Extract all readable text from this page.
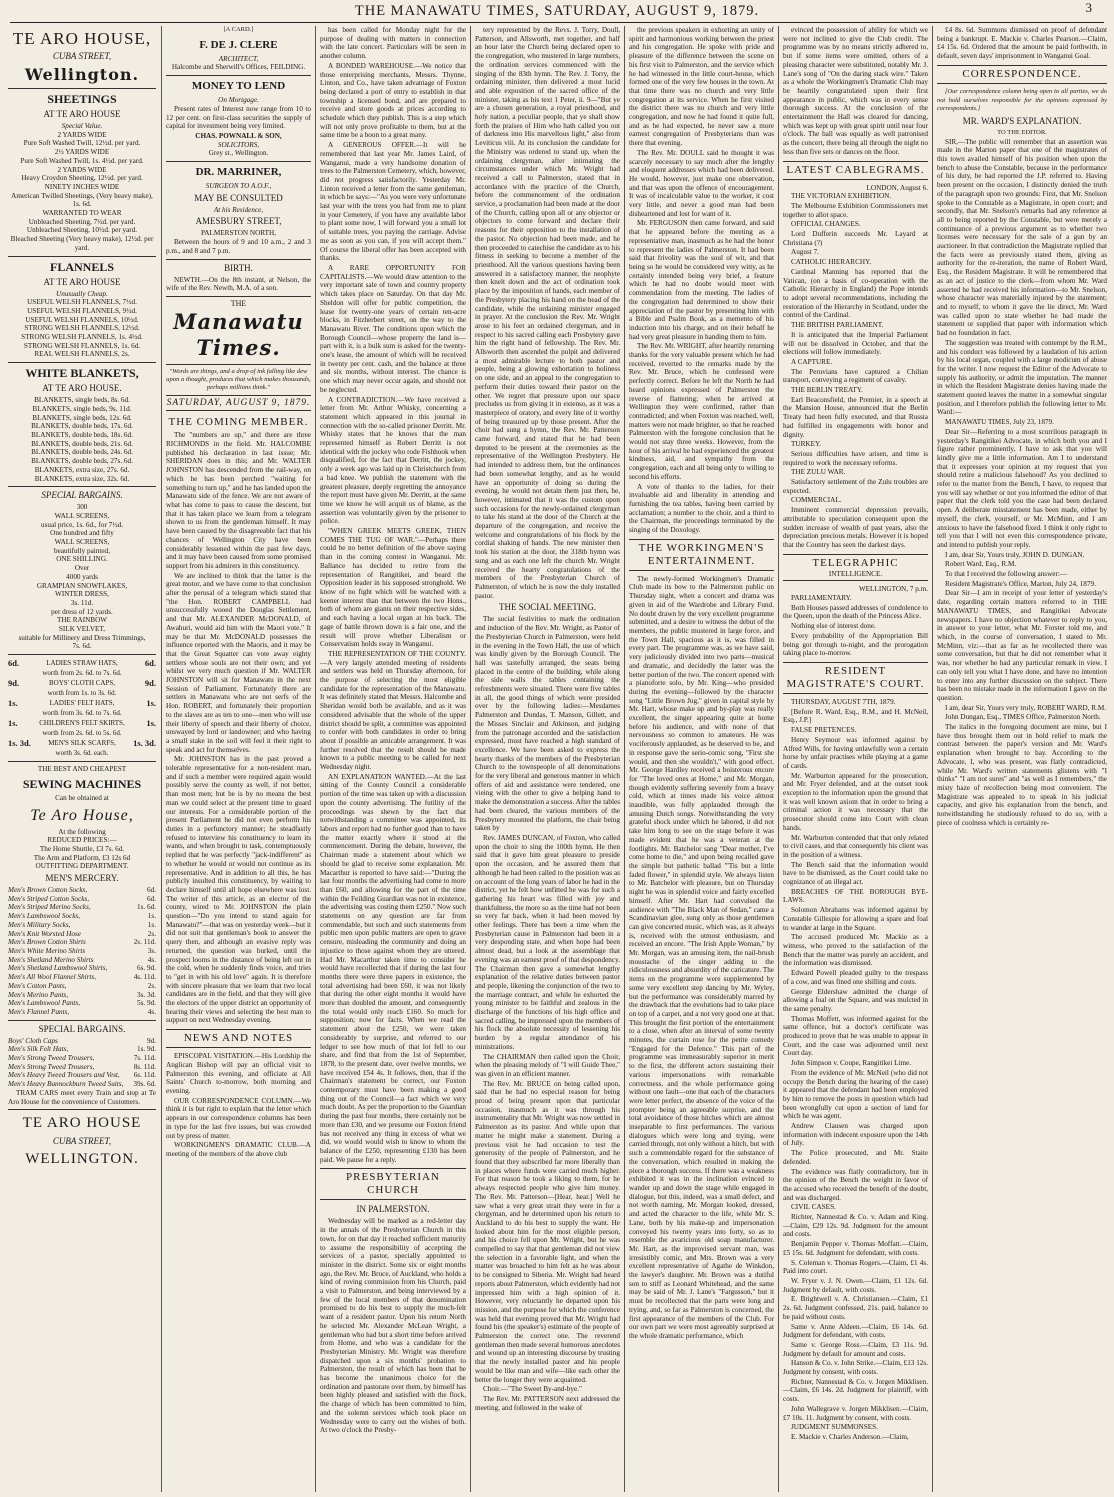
THE MANAWATU TIMES, SATURDAY, AUGUST 9, 1879.	3
TE ARO HOUSE,
CUBA STREET,
Wellington.
SHEETINGS
AT TE ARO HOUSE
Special Value.
2 YARDS WIDE
Pure Soft Washed Twill, 12½d. per yard.
2½ YARDS WIDE
Pure Soft Washed Twill, 1s. 4½d. per yard.
2 YARDS WIDE
Heavy Croydon Sheeting, 12½d. per yard.
NINETY INCHES WIDE
American Twilled Sheetings, (Very heavy make), 1s. 6d.
WARRANTED TO WEAR
Unbleached Sheeting, 7½d. per yard.
Unbleached Sheeting, 10½d. per yard.
Bleached Sheeting (Very heavy make), 12½d. per yard.
FLANNELS
AT TE ARO HOUSE
Unusually Cheap.
USEFUL WELSH FLANNELS, 7½d.
USEFUL WELSH FLANNELS, 9½d.
USEFUL WELSH FLANNELS, 10½d.
STRONG WELSH FLANNELS, 12½d.
STRONG WELSH FLANNELS, 1s. 4½d.
STRONG WELSH FLANNELS, 1s. 6d.
REAL WELSH FLANNELS, 2s.
WHITE BLANKETS,
AT TE ARO HOUSE.
BLANKETS, single beds, 8s. 6d.
BLANKETS, single beds, 9s. 11d.
BLANKETS, single beds, 12s. 6d.
BLANKETS, double beds, 17s. 6d.
BLANKETS, double beds, 18s. 6d.
BLANKETS, double beds, 21s. 6d.
BLANKETS, double beds, 24s. 6d.
BLANKETS, double beds, 27s. 6d.
BLANKETS, extra size, 27s. 6d.
BLANKETS, extra size, 32s. 6d.
SPECIAL BARGAINS.
300
WALL SCREENS,
usual price, 1s. 6d., for 7½d.
One hundred and fifty
WALL SCREENS,
beautifully painted,
ONE SHILLING.
Over
4000 yards
GRAMPIAN SNOWFLAKES,
WINTER DRESS,
3s. 11d.
per dress of 12 yards.
THE RAINBOW
SILK VELVET,
suitable for Millinery and Dress Trimmings,
7s. 6d.
6d.	LADIES STRAW HATS,	6d.
worth from 2s. 6d. to 7s. 6d.
9d.	BOYS' CLOTH CAPS,	9d.
worth from 1s. to 3s. 6d.
1s.	LADIES' FELT HATS,	1s.
worth from 3s. 6d. to 7s. 6d.
1s.	CHILDREN'S FELT SKIRTS,	1s.
worth from 2s. 6d. to 5s. 6d.
1s. 3d.	MEN'S SILK SCARFS,	1s. 3d.
worth 3s. 6d. each.
THE BEST AND CHEAPEST
SEWING MACHINES
Can be obtained at
Te Aro House,
At the following
REDUCED PRICES:—
The Home Shuttle, £3 7s. 6d.
The Arm and Platform, £3 12s 6d
OUTFITTING DEPARTMENT.
MEN'S MERCERY.
Men's Brown Cotton Socks,	6d.
Men's Striped Cotton Socks,	6d.
Men's Striped Merino Socks,	1s. 6d.
Men's Lambswool Socks,	1s.
Men's Military Socks,	1s.
Men's Knit Worsted Hose	2s.
Men's Brown Cotton Shirts	2s. 11d.
Men's White Merino Shirts	3s.
Men's Shetland Merino Shirts	4s.
Men's Shetland Lambswool Shirts,	6s. 9d.
Men's All Wool Flannel Shirts,	4s. 11d.
Men's Cotton Pants,	2s.
Men's Merino Pants,	3s. 3d.
Men's Lambswool Pants,	5s. 9d.
Men's Flannel Pants,	4s.
SPECIAL BARGAINS.
Boys' Cloth Caps	9d.
Men's Silk Felt Hats,	1s. 9d.
Men's Strong Tweed Trousers,	7s. 11d.
Men's Strong Tweed Trousers,	8s. 11d.
Men's Heavy Tweed Trousers and Vest, 6s. 11d.
Men's Heavy Bannockburn Tweed Suits, 39s. 6d.

TRAM CARS meet every Train and stop at Te Aro House for the convenience of Customers.

TE ARO HOUSE
CUBA STREET,
WELLINGTON.
[A CARD.]
F. DE J. CLERE
ARCHITECT,
Halcombe and Sherwill's Offices, FEILDING.
MONEY TO LEND
On Mortgage.

Present rates of Interest now range from 10 to 12 per cent. on first-class securities the supply of capital for investment being very limited.

CHAS. POWNALL & SON,
SOLICITORS,
Grey st., Wellington.
DR. MARRINER,
SURGEON TO A.O.F.,
MAY BE CONSULTED
At his Residence,
AMESBURY STREET,
PALMERSTON NORTH,

Between the hours of 9 and 10 a.m., 2 and 3 p.m., and 8 and 7 p.m.

BIRTH.

NEWTH.—On the 8th instant, at Nelson, the wife of the Rev. Newth, M.A. of a son.

THE
Manawatu Times.
"Words are things, and a drop of ink falling like dew upon a thought, produces that which makes thousands, perhaps millions think."
SATURDAY, AUGUST 9, 1879.
THE COMING MEMBER.

The "numbers are up," and there are three RICHMONDS in the field. Mr. HALCOMBE published his declaration in last issue; Mr. SHERIDAN does in this; and Mr. WALTER JOHNSTON has descended from the rail-way, on which he has been perched "waiting for something to turn up," and he has landed upon the Manawatu side of the fence. We are not aware of what has come to pass to cause the descent, but that it has taken place we learn from a telegram shown to us from the gentleman himself. It may have been caused by the disagreeable fact that his chances of Wellington City have been considerably lessened within the past few days, and it may have been caused from some promised support from his admirers in this constituency.

We are inclined to think that the latter is the great motor, and we have come to that conclusion after the perusal of a telegram which stated that "the Hon. ROBERT CAMPBELL had unsuccessfully wooed the Douglas Settlement, and that Mr. ALEXANDER McDONALD, of Awahuri, would aid him with the Maori vote." It may be that Mr. McDONALD possesses the influence reported with the Maoris, and it may be that the Great Squatter can vote away eighty settlers whose souls are not their own; and yet whilst we very much question if Mr. WALTER JOHNSTON will sit for Manawatu in the next Session of Parliament. Fortunately there are settlers in Manawatu who are not serfs of the Hon. ROBERT, and fortunately their proportion to the slaves are as ten to one—men who will use their liberty of speech and their liberty of choice, unswayed by lord or landowner; and who having a small stake in the soil will feel it their right to speak and act for themselves.

Mr. JOHNSTON has in the past proved a tolerable representative for a non-resident man, and if such a member were required again would possibly serve the county as well, if not better, than most men; but he is by no means the best man we could select at the present time to guard our interests. For a considerable portion of the present Parliament he did not even perform his duties in a perfunctory manner; he steadfastly refused to interview his constituency to learn its wants, and when brought to task, contemptuously replied that he was perfectly "jack-indifferent" as to whether he would or would not continue as its representative. And in addition to all this, he has publicly insulted this constituency, by waiting to declare himself until all hope elsewhere was lost. The writer of this article, as an elector of the county, wired to Mr. JOHNSTON the plain question—"Do you intend to stand again for Manawatu?"—that was on yesterday week—but it did not suit that gentleman's book to answer the query then, and although an evasive reply was returned, the question was burked, until the prospect looms in the distance of being left out in the cold, when he suddenly finds voice, and tries to "get in with his old love" again. It is therefore with sincere pleasure that we learn that two local candidates are in the field, and that they will give the electors of the upper district an opportunity of hearing their views and selecting the best man to support on next Wednesday evening.

NEWS AND NOTES

EPISCOPAL VISITATION.—His Lordship the Anglican Bishop will pay an official visit to Palmerston this evening, and officiate at All Saints' Church to-morrow, both morning and evening.

OUR CORRESPONDENCE COLUMN.—We think it is but right to explain that the letter which appears in our correspondence columns has been in type for the last five issues, but was crowded out by press of matter.

WORKINGMEN'S DRAMATIC CLUB.—A meeting of the members of the above club

has been called for Monday night for the purpose of dealing with matters in connection with the late concert. Particulars will be seen in another column.

A BONDED WAREHOUSE.—We notice that those enterprising merchants, Messrs. Thynne, Linton, and Co., have taken advantage of Foxton being declared a port of entry to establish in that township a licensed bond, and are prepared to receive and store goods at prices according to schedule which they publish. This is a step which will not only prove profitable to them, but at the same time be a boon to a great many.

A GENEROUS OFFER.—It will be remembered that last year Mr. James Laird, of Wanganui, made a very handsome donation of trees to the Palmerston Cemetery, which, however, did not progress satisfactorily. Yesterday Mr. Linton received a letter from the same gentleman, in which he says:—"As you were very unfortunate last year with the trees you had from me to plant in your Cemetery, if you have any available labor to plant some now, I will forward you a small lot of suitable trees, you paying the carriage. Advise me as soon as you can, if you will accept them." Of course the liberal offer has been accepted with thanks.

A RARE OPPORTUNITY FOR CAPITALISTS.—We would draw attention to the very important sale of town and country property which takes place on Saturday. On that day Mr. Sheldon will offer for public competition, the lease for twenty-one years of certain ten-acre blocks, in Fitzherbert street, on the way to the Manawatu River. The conditions upon which the Borough Council—whose property the land is—part with it, is a bulk sum is asked for the twenty-one's lease, the amount of which will be received in twenty per cent. cash, and the balance at three and six months, without interest. The chance is one which may never occur again, and should not be neglected.

A CONTRADICTION.—We have received a letter from Mr. Arthur Whisky, concerning a statement which appeared in this journal in connection with the so-called prisoner Derritt. Mr. Whisky states that he knows that the man represented himself as Robert Derritt is not identical with the jockey who rode Fishhook when disqualified, for the fact that Derritt, the jockey, only a week ago was laid up in Christchurch from a bad knee. We publish the statement with the greatest pleasure, deeply regretting the annoyance the report must have given Mr. Derritt, at the same time we know he will acquit us of blame, as the assertion was voluntarily given by the prisoner to police.

"WHEN GREEK MEETS GREEK, THEN COMES THE TUG OF WAR."—Perhaps there could be no better definition of the above saying than in the coming contest in Wanganui. Mr. Ballance has decided to retire from the representation of Rangitikei, and beard the Opposition leader in his supposed stronghold. We know of no fight which will be watched with a keener interest than that between the two Hons., both of whom are giants on their respective sides, and each having a local organ at his back. The gage of battle thrown down is a fair one, and the result will prove whether Liberalism or Conservatism holds sway in Wanganui.

THE REPRESENTATION OF THE COUNTY.—A very largely attended meeting of residents and settlers was held on Thursday afternoon, for the purpose of selecting the most eligible candidate for the representation of the Manawatu. It was definitely stated that Messrs. Halcombe and Sheridan would both be available, and as it was considered advisable that the whole of the upper district should be split, a committee was appointed to confer with both candidates in order to bring about if possible an amicable arrangement. It was further resolved that the result should be made known to a public meeting to be called for next Wednesday night.

AN EXPLANATION WANTED.—At the last sitting of the County Council a considerable portion of the time was taken up with a discussion upon the county advertising. The futility of the proceedings was shewn by the fact that notwithstanding a committee was appointed, its labors and report had no further good than to have the matter exactly where it stood at the commencement. During the debate, however, the Chairman made a statement about which we should be glad to receive some explanation. Mr. Macarthur is reported to have said:—"During the last four months the advertising had come to more than £60, and allowing for the part of the time within the Feilding Guardian was not in existence, the advertising was costing them £250." Now such statements on any question are far from commendable, but such and such statements from public men upon public matters are open to grave censure, misleading the community and doing an injustice to those against whom they are uttered. Had Mr. Macarthur taken time to consider he would have recollected that if during the last four months there were three papers in existence, the total advertising had been £60, it was not likely that during the other eight months it would have more than doubled the amount, and consequently the total would only reach £160. So much for supposition; now for facts. When we read the statement about the £250, we were taken considerably by surprise, and referred to our ledger to see how much of that lot fell to our share, and find that from the 1st of September, 1878, to the present date, over twelve months, we have received £54 4s. It follows, then, that if the Chairman's statement be correct, our Foxton contemporary must have been making a good thing out of the Council—a fact which we very much doubt. As per the proportion to the Guardian during the past four months, there certainly not be more than £30, and we presume our Foxton friend has not received any thing in excess of what we did, we would would wish to know to whom the balance of the £250, representing £130 has been paid. We pause for a reply.

PRESBYTERIAN CHURCH
IN PALMERSTON.

Wednesday will be marked as a red-letter day in the annals of the Presbyterian Church in this town, for on that day it reached sufficient maturity to assume the responsibility of accepting the services of a pastor, specially appointed to minister in the district. Some six or eight months ago, the Rev. Mr. Bruce, of Auckland, who holds a kind of roving commission from his Church, paid a visit to Palmerston, and being interviewed by a few of the local members of that denomination promised to do his best to supply the much-felt want of a resident pastor. Upon his return North he selected Mr. Alexander McLean Wright, a gentleman who had but a short time before arrived from Home, and who was a candidate for the Presbyterian Ministry. Mr. Wright was therefore dispatched upon a six months' probation to Palmerston, the result of which has been that he has become the unanimous choice for the ordination and pastorate over them, by himself has been highly pleased and satisfied with the flock, the charge of which has been committed to him, and the solemn services which took place on Wednesday were to carry out the wishes of both. At two o'clock the Presby-

tery represented by the Revs. J. Torry, Doull, Patterson, and Allsworth, met together, and half an hour later the Church being declared open to the congregation, who mustered in large numbers, the ordination services commenced with the singing of the 83th hymn. The Rev. J. Torry, the ordaining minister, then delivered a most lucid and able exposition of the sacred office of the minister, taking as his text 1 Peter, ii. 9—"But ye are a chosen generation, a royal priesthood, and holy nation, a peculiar people, that ye shall show forth the praises of Him who hath called you out of darkness into His marvellous light," also from Leviticus viii. At its conclusion the candidate for the Ministry was ordered to stand up, when the ordaining clergyman, after intimating the circumstances under which Mr. Wright had received a call to Palmerston, stated that in accordance with the practice of the Church, before the commencement of the ordination service, a proclamation had been made at the door of the Church, calling upon all or any objector or objectors to come forward and declare their reasons for their opposition to the installation of the pastor. No objection had been made, and he then proceeded to catechise the candidate as to his fitness in seeking to become a member of the priesthood. All the various questions having been answered in a satisfactory manner, the neophyte then knelt down and the act of ordination took place by the imposition of hands, each member of the Presbytery placing his hand on the head of the candidate, while the ordaining minister engaged in prayer. At the conclusion the Rev. Mr. Wright arose to his feet an ordained clergyman, and in respect to his sacred calling each Presbytery gave him the right hand of fellowship. The Rev. Mr. Allsworth then ascended the pulpit and delivered a most admirable lecture to both pastor and people, being a glowing exhortation to holiness on one side, and an appeal to the congregation to perform their duties toward their pastor on the other. We regret that pressure upon our space precludes us from giving it in extenso, as it was a masterpiece of oratory, and every line of it worthy of being treasured up by those present. After the choir had sung a hymn, the Rev. Mr. Patterson came forward, and stated that he had been deputed to be present at the ceremonies as the representative of the Wellington Presbytery. He had intended to address them, but the ordinances had been somewhat lengthy, and as he would have an opportunity of doing so during the evening, he would not detain them just then, he, however, intimated that it was the custom upon such occasions for the newly-ordained clergyman to take his stand at the door of the Church at the departure of the congregation, and receive the welcome and congratulations of his flock by the cordial shaking of hands. The new minister then took his station at the door, the 318th hymn was sung and as each one left the church Mr. Wright received the hearty congratulations of the members of the Presbyterian Church of Palmerston, of which he is now the duly installed pastor.

THE SOCIAL MEETING.

The social festivities to mark the ordination and induction of the Rev. Mr. Wright, as Pastor of the Presbyterian Church in Palmerston, were held in the evening in the Town Hall, the use of which was kindly given by the Borough Council. The hall was tastefully arranged, the seats being placed in the centre of the building, while along the side walls the tables containing the refreshments were situated. There were five tables in all, the good things of which were presided over by the following ladies:—Mesdames Palmerston and Dundas, T. Manson, Gillett, and the Misses Sinclair and Atkinson, and judging from the patronage accorded and the satisfaction expressed, must have reached a high standard of excellence. We have been asked to express the hearty thanks of the members of the Presbyterian Church to the townspeople of all denominations for the very liberal and generous manner in which offers of aid and assistance were tendered, one vieing with the other to give a helping hand to make the demonstration a success. After the tables had been cleared, the various members of the Presbytery mounted the platform, the chair being taken by

Rev. JAMES DUNCAN, of Foxton, who called upon the choir to sing the 100th hymn. He then said that it gave him great pleasure to preside upon the occasion, and he assured them that although he had been called to the position was as on account of the long years of labor he had in the district, yet he felt how unfitted he was for such a gathering his heart was filled with joy and thankfulness, the more so as the time had not been so very far back, when it had been moved by other feelings. There has been a time when the Presbyterian cause in Palmerston had been in a very desponding state, and when hope had been almost dead, but a look at the assemblage that evening was an earnest proof of that despondency. The Chairman then gave a somewhat lengthy explanation of the relative duties between pastor and people, likening the conjunction of the two to the marriage contract, and while he exhorted the young minister to be faithful and zealous in the discharge of the functions of his high office and sacred calling, he impressed upon the members of his flock the absolute necessity of lessening his burden by a regular attendance of his ministrations.

The CHAIRMAN then called upon the Choir, when the pleasing melody of "I will Guide Thee," was given in an efficient manner.

The Rev. Mr. BRUCE on being called upon, said that he had no especial reason for being proud of being present upon that particular occasion, inasmuch as it was through his instrumentality that Mr. Wright was now settled in Palmerston as its pastor. And while upon that matter he might make a statement. During a previous visit he had occasion to test the generosity of the people of Palmerston, and he found that they subscribed far more liberally than in places where funds were carried much higher. For that reason he took a liking to them, for he always respected people who give him money. The Rev. Mr. Patterson—[Hear, hear.] Well he saw what a very great strait they were in for a clergyman, and he determined upon his return to Auckland to do his best to supply the want. He looked about him for the most eligible person, and his choice fell upon Mr. Wright, but he was compelled to say that that gentleman did not view the selection in a favorable light, and when the matter was broached to him felt as he was about to be consigned to Siberia. Mr. Wright had heard reports about Palmerston, which evidently had not impressed him with a high opinion of it. However, very reluctantly he departed upon his mission, and the purpose for which the conference was held that evening proved that Mr. Wright had found his (the speaker's) estimate of the people of Palmerston the correct one. The reverend gentleman then made several humorous anecdotes and wound up an interesting discourse by trusting that the newly installed pastor and his people would be like man and wife—like each other the better the longer they were acquainted.

Choir.—"The Sweet By-and-bye."

The Rev. Mr. PATTERSON next addressed the meeting, and followed in the wake of

the previous speakers in exhorting an unity of spirit and harmonious working between the priest and his congregation. He spoke with pride and pleasure of the difference between the scene on his first visit to Palmerston, and the service which he had witnessed in the little court-house, which formed one of the very few houses in the town. At that time there was no church and very little congregation at its service. When he first visited the district there was no church and very little congregation, and now he had found it quite full, and as he had expected, he never saw a more earnest congregation of Presbyterians than was there that evening.

The Rev. Mr. DOULL said he thought it was scarcely necessary to say much after the lengthy and eloquent addresses which had been delivered. He would, however, just make one observation, and that was upon the offence of encouragement. It was of incalculable value to the worker, it cost very little, and never a good man had been disheartened and lost for want of it.

Mr. FERGUSON then came forward, and said that he appeared before the meeting as a representative man, inasmuch as he had the honor to represent the ladies of Palmerston. It had been said that frivolity was the soul of wit, and that being so he would be considered very witty, as he certainly intended being very brief, a feature which he had no doubt would meet with commendation from the meeting. The ladies of the congregation had determined to show their appreciation of the pastor by presenting him with a Bible and Psalm Book, as a memento of his induction into his charge, and on their behalf he had very great pleasure in handing them to him.

The Rev. Mr. WRIGHT, after heartily returning thanks for the very valuable present which he had received, reverted to the remarks made by the Rev. Mr. Bruce, which he confessed were perfectly correct. Before he left the North he had heard opinions expressed of Palmerston the reverse of flattering; when he arrived at Wellington they were confirmed, rather than contradicted; and when Foxton was reached, well, matters were not made brighter, so that he reached Palmerston with the foregone conclusion that he would not stay three weeks. However, from the hour of his arrival he had experienced the greatest kindness, aid, and sympathy from the congregation, each and all being only to willing to second his efforts.

A vote of thanks to the ladies, for their invaluable aid and liberality in attending and furnishing the tea tables, having been carried by acclamation; a number to the choir, and a third to the Chairman, the proceedings terminated by the singing of the Doxology.

THE WORKINGMEN'S ENTERTAINMENT.

The newly-formed Workingmen's Dramatic Club made its bow to the Palmerston public on Thursday night, when a concert and drama was given in aid of the Wardrobe and Library Fund. No doubt drawn by the very excellent programme submitted, and a desire to witness the debut of the members, the public mustered in large force, and the Town Hall, spacious as it is, was filled in every part. The programme was, as we have said, very judiciously divided into two parts—musical and dramatic, and decidedly the latter was the better portion of the two. The concert opened with a pianoforte solo, by Mr. King—who presided during the evening—followed by the character song "Little Brown Jug," given in capital style by Mr. Hart, whose make up and by-play was really excellent, the singer appearing quite at home before his audience, and with none of that nervousness so common to amateurs. He was vociferously applauded, as he deserved to be, and in response gave the serio-comic song, "First she would, and then she wouldn't," with good effect. Mr. George Hardley received a boisterous encore for "The loved ones at Home," and Mr. Morgan, though evidently suffering severely from a heavy cold, which at times made his voice almost inaudible, was fully applauded through the amusing Dutch songs. Notwithstanding the very grateful shock under which he labored, it did not take him long to see on the stage before it was made evident that he was a veteran at the footlights. Mr. Batchelor sang "Dear mother, I've come home to die," and upon being recalled gave the simple but pathetic ballad "'Tis but a little faded flower," in splendid style. We always listen to Mr. Batchelor with pleasure, but on Thursday night he was in splendid voice and fairly excelled himself. After Mr. Hart had convulsed the audience with "The Black Man of Sedan," came a Scandinavian glee, sung only as those gentlemen can give concerted music, which was, as it always is, received with the utmost enthusiasm, and received an encore. "The Irish Apple Woman," by Mr. Morgan, was an amusing item, the nail-brush moustache of the singer adding to the ridiculousness and absurdity of the caricature. The items on the programme were supplemented by some very excellent step dancing by Mr. Wyley, but the performance was considerably marred by the drawback that the evolutions had to take place on top of a carpet, and a not very good one at that. This brought the first portion of the entertainment to a close, when after an interval of some twenty minutes, the curtain rose for the petite comedy "Engaged for the Defence." This part of the programme was immeasurably superior in merit to the first, the different actors sustaining their various impersonations with remarkable correctness, and the whole performance going without one fault—one that each of the characters were letter perfect, the absence of the voice of the prompter being an agreeable surprise, and the total avoidance of those hitches which are almost inseparable to first performances. The various dialogues which were long and trying, were carried through, not only without a hitch, but with such a commendable regard for the substance of the conversation, which resulted in making the piece a thorough success. If there was a weakness exhibited it was in the inclination evinced to wander up and down the stage while engaged in dialogue, but this, indeed, was a small defect, and not worth naming. Mr. Morgan looked, dressed, and acted the character to the life, while Mr. S. Lane, both by his make-up and impersonation conveyed his twenty years into forty, so as to resemble the avaricious old soap manufacturer. Mr. Hart, as the improvised servant man, was irresistibly comic, and Mrs. Brown was a very excellent representative of Agathe de Winkdon, the lawyer's daughter. Mr. Brown was a dutiful son to stiff as Leonard Whitehead, and the same may be said of Mr. J. Lane's "Fargusson," but it must be recollected that the parts were long and trying, and, so far as Palmerston is concerned, the first appearance of the members of the Club. For our own part we were most agreeably surprised at the whole dramatic performance, which

evinced the possession of ability for which we were not inclined to give the Club credit. The programme was by no means strictly adhered to, but if some items were omitted, others of a pleasing character were substituted, notably Mr. J. Lane's song of "On the daring stack wire." Taken as a whole the Workingmen's Dramatic Club may be heartily congratulated upon their first appearance in public, which was in every sense thorough success. At the conclusion of the entertainment the Hall was cleared for dancing, which was kept up with great spirit until near four o'clock. The ball was equally as well patronised as the concert, there being all through the night no less than five sets or dances on the floor.

LATEST CABLEGRAMS.
LONDON, August 6.

THE VICTORIAN EXHIBITION.

The Melbourne Exhibition Commissioners met together to allot space.

OFFICIAL CHANGES.

Lord Dufferin succeeds Mr. Layard at Christiana (?)

August 7.

CATHOLIC HIERARCHY.

Cardinal Manning has reported that the Vatican, (on a basis of co-operation with the Catholic Hierarchy in England) the Pope intends to adopt several recommendations, including the restoration of the Hierarchy in Scotland, under the control of the Cardinal.

THE BRITISH PARLIAMENT.

It is anticipated that the Imperial Parliament will not be dissolved in October, and that the elections will follow immediately.

A CAPTURE.

The Peruvians have captured a Chilian transport, conveying a regiment of cavalry.

THE BERLIN TREATY.

Earl Beaconsfield, the Premier, in a speech at the Mansion House, announced that the Berlin Treaty had been fully executed, and that Russia had fulfilled its engagements with honor and dignity.

TURKEY.

Serious difficulties have arisen, and time is required to work the necessary reforms.

THE ZULU WAR.

Satisfactory settlement of the Zulu troubles are expected.

COMMERCIAL.

Imminent commercial depression prevails, attributable to speculation consequent upon the sudden increase of wealth of past years, also the depreciation precious metals. However it is hoped that the Country has seen the darkest days.

TELEGRAPHIC
INTELLIGENCE.
WELLINGTON, 7 p.m.

PARLIAMENTARY.

Both Houses passed addresses of condolence to the Queen, upon the death of the Princess Alice.

Nothing else of interest done.

Every probability of the Appropriation Bill being got through to-night, and the prorogation taking place to-morrow.

RESIDENT MAGISTRATE'S COURT.

THURSDAY, AUGUST 7TH, 1879.

[Before R. Ward, Esq., R.M., and H. McNeil, Esq., J.P.]

FALSE PRETENCES.

Henry Seymour was informed against by Alfred Wills, for having unlawfully won a certain horse by unfair practises while playing at a game of cards.

Mr. Warburton appeared for the prosecution, and Mr. Fryer defended, and at the outset took exception to the information upon the ground that it was well known axiom that in order to bring a criminal action it was necessary that the prosecutor should come into Court with clean hands.

Mr. Warburton contended that that only related to civil cases, and that consequently his client was in the position of a witness.

The Bench said that the information would have to be dismissed, as the Court could take no cognizance of an illegal act.

BREACHES OF THE BOROUGH BYE-LAWS.

Solomon Abrahams was informed against by Constable Gillespie for allowing a spare and foal to wander at large in the Square.

The accused produced Mr. Mackie as a witness, who proved to the satisfaction of the Bench that the matter was purely an accident, and the information was dismissed.

Edward Powell pleaded guilty to the trespass of a cow, and was fined one shilling and costs.

George Eldershaw admitted the charge of allowing a foal on the Square, and was mulcted in the same penalty.

Thomas Moffett, was informed against for the same offence, but a doctor's certificate was produced to prove that he was unable to appear in Court, and the case was adjourned until next Court day.

John Simpson v. Coupe, Rangitikei Lime.

From the evidence of Mr. McNeil (who did not occupy the Bench during the hearing of the case) it appeared that the defendant had been employed by him to remove the posts in question which had been wrongfully cut upon a section of land for which he was agent.

Andrew Clausen was charged upon information with indecent exposure upon the 14th of July.

The Police prosecuted, and Mr. Staite defended.

The evidence was flatly contradictory, but in the opinion of the Bench the weight in favor of the accused who received the benefit of the doubt, and was discharged.

CIVIL CASES.

Richter, Nannestad & Co. v. Adam and King.—Claim, £29 12s. 9d. Judgment for the amount and costs.

Benjamin Pepper v. Thomas Moffatt.—Claim, £5 15s. 6d. Judgment for defendant, with costs.

S. Coleman v. Thomas Rogers.—Claim, £1 4s. Paid into court.

W. Fryer v. J. N. Owen.—Claim, £1 12s. 6d. Judgment by default, with costs.

E. Brightwell v. A. Christiansen.—Claim, £1 2s. 6d. Judgment confessed, 21s. paid, balance to be paid without costs.

Same v. Anne Aldeen.—Claim, £6 14s. 6d. Judgment for defendant, with costs.

Same v. George Ross.—Claim, £3 11s. 9d. Judgment by default for amount and costs.

Hanson & Co. v. John Strike.—Claim, £13 12s. Judgment by consent, with costs.

Richter, Nannestad & Co. v. Jorgen Mikklisen.—Claim, £6 14s. 2d. Judgment for plaintiff, with costs.

John Wallegrave v. Jorgen Mikklisen.—Claim, £7 10s. 11. Judgment by consent, with costs.

JUDGMENT SUMMONSES.

E. Mackie v. Charles Anderson.—Claim,

£4 8s. 6d. Summons dismissed on proof of defendant being a bankrupt. E. Mackie v. Charles Pearson.—Claim, £4 15s. 6d. Ordered that the amount be paid forthwith, in default, seven days' imprisonment in Wanganui Goal.

CORRESPONDENCE.

[Our correspondence column being open to all parties, we do not hold ourselves responsible for the opinions expressed by correspondents.]

MR. WARD'S EXPLANATION.
TO THE EDITOR.

SIR,—The public will remember that an assertion was made in the Marton paper that one of the magistrates of this town availed himself of his position when upon the bench to abuse the Constable, because in the performance of his duty, he had reported the J.P. referred to. Having been present on the occasion, I distinctly denied the truth of the paragraph upon two grounds: First, that Mr. Snelson spoke to the Constable as a Magistrate, in open court; and secondly, that Mr. Snelson's remarks had any reference at all to being reported by the Constable, but were merely a continuance of a previous argument as to whether two licenses were necessary for the sale of a gun by an auctioneer. In that contradiction the Magistrate replied that the facts were as previously stated them, giving as authority for the re-iteration, the name of Robert Ward, Esq., the Resident Magistrate. It will be remembered that as an act of justice to the clerk—from whom Mr. Ward asserted he had received his information—to Mr. Snelson, whose character was materially injured by the statement; and to myself, to whom it gave the lie direct, Mr. Ward was called upon to state whether he had made the statement or supplied that paper with information which had no foundation in fact.

The suggestion was treated with contempt by the R.M., and his conduct was followed by a laudation of his action by his local organ, coupled with a large modicum of abuse for the writer. I now request the Editor of the Advocate to supply his authority, or admit the imputation. The manner in which the Resident Magistrate denies having made the statement quoted leaves the matter in a somewhat singular position, and I therefore publish the following letter to Mr. Ward:—

MANAWATU TIMES, July 23, 1879.

Dear Sir—Referring to a most scurrilous paragraph in yesterday's Rangitikei Advocate, in which both you and I figure rather prominently, I have to ask that you will kindly give me a little information. Am I to understand that it expresses your opinion at my request that you should retire a malicious falsehood? As you declined to refer to the matter from the Bench, I have, to request that you will say whether or not you informed the editor of that paper that the clerk told you the case had been declared open. A deliberate misstatement has been made, either by myself, the clerk, yourself, or Mr. McMinn, and I am anxious to have the falsehood fixed. I think it only right to tell you that I will not even this correspondence private, and intend to publish your reply.

I am, dear Sir, Yours truly, JOHN D. DUNGAN.

Robert Ward, Esq., R.M.

To that I received the following answer:—

Resident Magistrate's Office, Marton, July 24, 1879.

Dear Sir—I am in receipt of your letter of yesterday's date, regarding certain matters referred to in THE MANAWATU TIMES, and Rangitikei Advocate newspapers. I have no objection whatever to reply to you, in answer to your letter, what Mr. Forster told me, and which, in the course of conversation, I stated to Mr. McMinn, viz:—that as far as he recollected there was some conversation, but that he did not remember what it was, nor whether he had any particular remark in view. I can only tell you what I have done, and have no intention to enter into any further discussion on the subject. There has been no mistake made in the information I gave on the question.

I am, dear Sir, Yours very truly, ROBERT WARD, R.M.

John Dungan, Esq., TIMES Office, Palmerston North.

The italics in the foregoing document are mine, but I have thus brought them out in bold relief to mark the contrast between the paper's version and Mr. Ward's explanation when brought to bay. According to the Advocate, I, who was present, was flatly contradicted, while Mr. Ward's written statements glistens with "I thinks" "I am not sures" and "as well as I remembers," the misty haze of recollection being most convenient. The Magistrate was appealed to to speak in his judicial capacity, and give his explanation from the bench, and notwithstanding he studiously refused to do so, with a piece of coolness which is certainly re-
